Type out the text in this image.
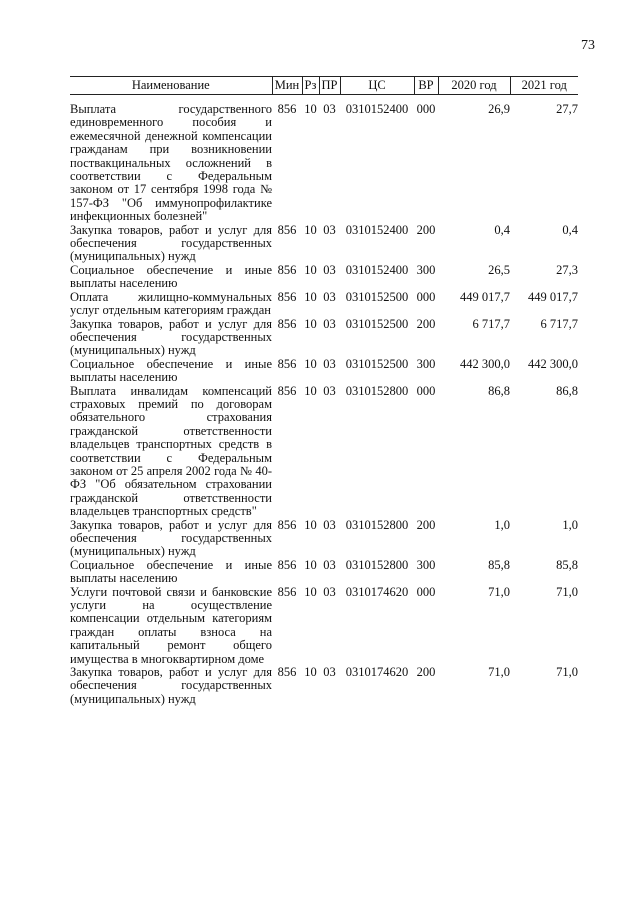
73
Наименование	Мин	Рз	ПР	ЦС	ВР	2020 год	2021 год
Выплата государственного единовременного пособия и ежемесячной денежной компенсации гражданам при возникновении поствакцинальных осложнений в соответствии с Федеральным законом от 17 сентября 1998 года № 157-ФЗ "Об иммунопрофилактике инфекционных болезней"	856	10	03	0310152400	000	26,9	27,7
Закупка товаров, работ и услуг для обеспечения государственных (муниципальных) нужд	856	10	03	0310152400	200	0,4	0,4
Социальное обеспечение и иные выплаты населению	856	10	03	0310152400	300	26,5	27,3
Оплата жилищно-коммунальных услуг отдельным категориям граждан	856	10	03	0310152500	000	449 017,7	449 017,7
Закупка товаров, работ и услуг для обеспечения государственных (муниципальных) нужд	856	10	03	0310152500	200	6 717,7	6 717,7
Социальное обеспечение и иные выплаты населению	856	10	03	0310152500	300	442 300,0	442 300,0
Выплата инвалидам компенсаций страховых премий по договорам обязательного страхования гражданской ответственности владельцев транспортных средств в соответствии с Федеральным законом от 25 апреля 2002 года № 40-ФЗ "Об обязательном страховании гражданской ответственности владельцев транспортных средств"	856	10	03	0310152800	000	86,8	86,8
Закупка товаров, работ и услуг для обеспечения государственных (муниципальных) нужд	856	10	03	0310152800	200	1,0	1,0
Социальное обеспечение и иные выплаты населению	856	10	03	0310152800	300	85,8	85,8
Услуги почтовой связи и банковские услуги на осуществление компенсации отдельным категориям граждан оплаты взноса на капитальный ремонт общего имущества в многоквартирном доме	856	10	03	0310174620	000	71,0	71,0
Закупка товаров, работ и услуг для обеспечения государственных (муниципальных) нужд	856	10	03	0310174620	200	71,0	71,0
